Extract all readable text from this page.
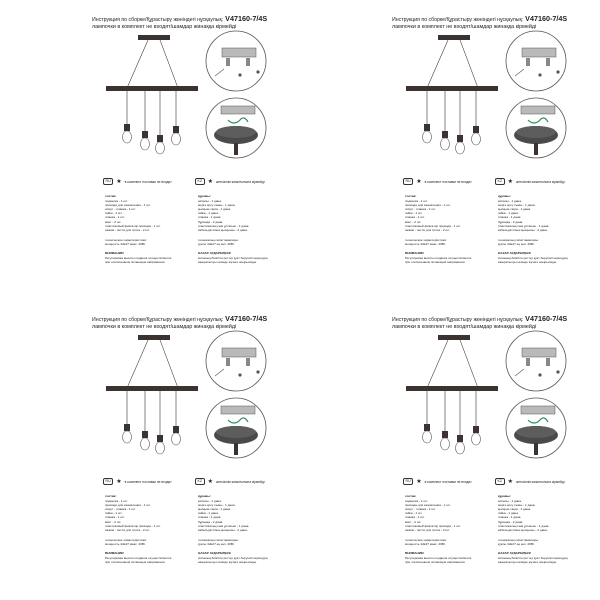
Инструкция по сборке/Құрастыру жөніндегі нұсқаулық: V47160-7/4S
лампочки в комплект не входят/шамдар жинаққа кірмейді
RU ★ в комплект поставки не входят	KZ ★ жеткізілім жиынтығына кірмейді
состав:
подвеска - 1 шт.
провода для заземления - 1 шт.
хомут - планка - 1 шт.
гайки - 1 шт.
планка - 1 шт.
винт - 2 шт.
пластиковый фиксатор провода - 1 шт.
зажим - петля для троса - 2 шт.
технические характеристики:
мощность 4хЕ27 макс. 40Вт.
ВНИМАНИЕ!
Регулировка высоты подвеса осуществляется
при отключенном питающем напряжении.
құрамы:
аспалы - 1 дана.
жерге қосу сымы - 1 дана.
қысқыш-тақта - 1 дана.
гайка - 1 дана.
планка - 1 дана.
бұранда - 2 дана.
пластикалық сым ұстағыш - 1 дана.
кабельдік ілмек қысқышы - 2 дана.
техникалық сипаттамалары:
қуаты 4хЕ27 ең көп. 40Вт.
НАЗАР АУДАРЫҢЫЗ!
Аспаның биіктігін реттеу қуат берушісі кернеудің
ажыратылуы кезінде жүзеге асырылады.
Инструкция по сборке/Құрастыру жөніндегі нұсқаулық: V47160-7/4S
лампочки в комплект не входят/шамдар жинаққа кірмейді
RU ★ в комплект поставки не входят	KZ ★ жеткізілім жиынтығына кірмейді
состав:
подвеска - 1 шт.
провода для заземления - 1 шт.
хомут - планка - 1 шт.
гайки - 1 шт.
планка - 1 шт.
винт - 2 шт.
пластиковый фиксатор провода - 1 шт.
зажим - петля для троса - 2 шт.
технические характеристики:
мощность 4хЕ27 макс. 40Вт.
ВНИМАНИЕ!
Регулировка высоты подвеса осуществляется
при отключенном питающем напряжении.
құрамы:
аспалы - 1 дана.
жерге қосу сымы - 1 дана.
қысқыш-тақта - 1 дана.
гайка - 1 дана.
планка - 1 дана.
бұранда - 2 дана.
пластикалық сым ұстағыш - 1 дана.
кабельдік ілмек қысқышы - 2 дана.
техникалық сипаттамалары:
қуаты 4хЕ27 ең көп. 40Вт.
НАЗАР АУДАРЫҢЫЗ!
Аспаның биіктігін реттеу қуат берушісі кернеудің
ажыратылуы кезінде жүзеге асырылады.
Инструкция по сборке/Құрастыру жөніндегі нұсқаулық: V47160-7/4S
лампочки в комплект не входят/шамдар жинаққа кірмейді
RU ★ в комплект поставки не входят	KZ ★ жеткізілім жиынтығына кірмейді
состав:
подвеска - 1 шт.
провода для заземления - 1 шт.
хомут - планка - 1 шт.
гайки - 1 шт.
планка - 1 шт.
винт - 2 шт.
пластиковый фиксатор провода - 1 шт.
зажим - петля для троса - 2 шт.
технические характеристики:
мощность 4хЕ27 макс. 40Вт.
ВНИМАНИЕ!
Регулировка высоты подвеса осуществляется
при отключенном питающем напряжении.
құрамы:
аспалы - 1 дана.
жерге қосу сымы - 1 дана.
қысқыш-тақта - 1 дана.
гайка - 1 дана.
планка - 1 дана.
бұранда - 2 дана.
пластикалық сым ұстағыш - 1 дана.
кабельдік ілмек қысқышы - 2 дана.
техникалық сипаттамалары:
қуаты 4хЕ27 ең көп. 40Вт.
НАЗАР АУДАРЫҢЫЗ!
Аспаның биіктігін реттеу қуат берушісі кернеудің
ажыратылуы кезінде жүзеге асырылады.
Инструкция по сборке/Құрастыру жөніндегі нұсқаулық: V47160-7/4S
лампочки в комплект не входят/шамдар жинаққа кірмейді
RU ★ в комплект поставки не входят	KZ ★ жеткізілім жиынтығына кірмейді
состав:
подвеска - 1 шт.
провода для заземления - 1 шт.
хомут - планка - 1 шт.
гайки - 1 шт.
планка - 1 шт.
винт - 2 шт.
пластиковый фиксатор провода - 1 шт.
зажим - петля для троса - 2 шт.
технические характеристики:
мощность 4хЕ27 макс. 40Вт.
ВНИМАНИЕ!
Регулировка высоты подвеса осуществляется
при отключенном питающем напряжении.
құрамы:
аспалы - 1 дана.
жерге қосу сымы - 1 дана.
қысқыш-тақта - 1 дана.
гайка - 1 дана.
планка - 1 дана.
бұранда - 2 дана.
пластикалық сым ұстағыш - 1 дана.
кабельдік ілмек қысқышы - 2 дана.
техникалық сипаттамалары:
қуаты 4хЕ27 ең көп. 40Вт.
НАЗАР АУДАРЫҢЫЗ!
Аспаның биіктігін реттеу қуат берушісі кернеудің
ажыратылуы кезінде жүзеге асырылады.
